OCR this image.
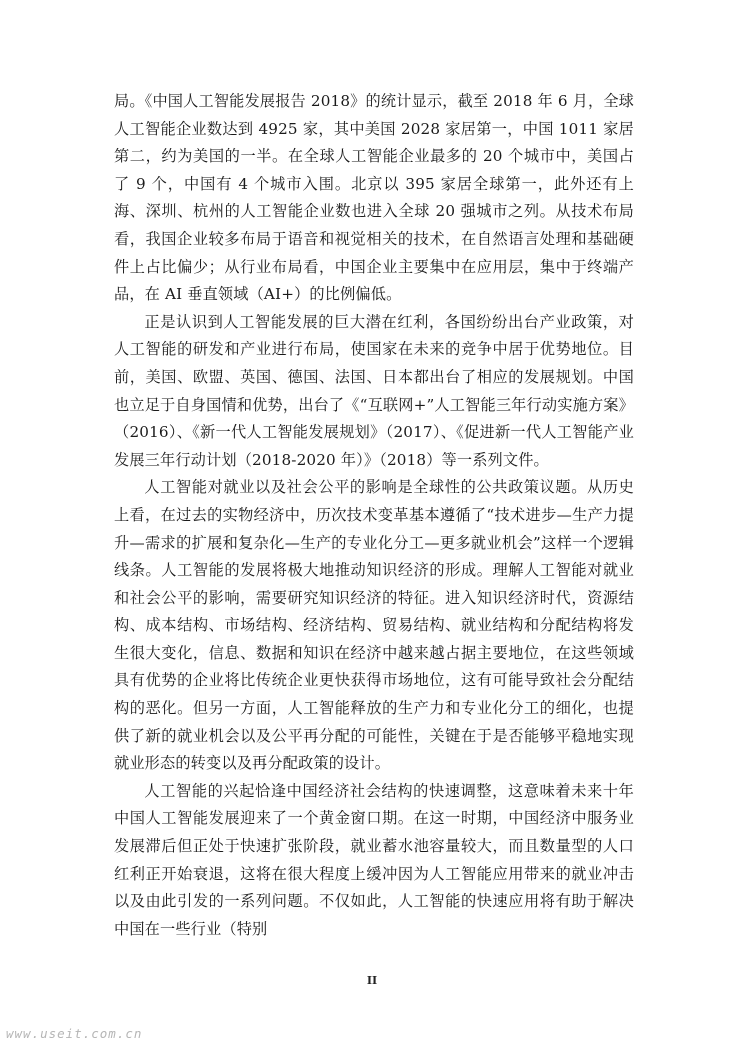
局。《中国人工智能发展报告 2018》的统计显示，截至 2018 年 6 月，全球人工智能企业数达到 4925 家，其中美国 2028 家居第一，中国 1011 家居第二，约为美国的一半。在全球人工智能企业最多的 20 个城市中，美国占了 9 个，中国有 4 个城市入围。北京以 395 家居全球第一，此外还有上海、深圳、杭州的人工智能企业数也进入全球 20 强城市之列。从技术布局看，我国企业较多布局于语音和视觉相关的技术，在自然语言处理和基础硬件上占比偏少；从行业布局看，中国企业主要集中在应用层，集中于终端产品，在 AI 垂直领域（AI+）的比例偏低。

正是认识到人工智能发展的巨大潜在红利，各国纷纷出台产业政策，对人工智能的研发和产业进行布局，使国家在未来的竞争中居于优势地位。目前，美国、欧盟、英国、德国、法国、日本都出台了相应的发展规划。中国也立足于自身国情和优势，出台了《“互联网+”人工智能三年行动实施方案》（2016）、《新一代人工智能发展规划》（2017）、《促进新一代人工智能产业发展三年行动计划（2018-2020 年）》（2018）等一系列文件。

人工智能对就业以及社会公平的影响是全球性的公共政策议题。从历史上看，在过去的实物经济中，历次技术变革基本遵循了“技术进步—生产力提升—需求的扩展和复杂化—生产的专业化分工—更多就业机会”这样一个逻辑线条。人工智能的发展将极大地推动知识经济的形成。理解人工智能对就业和社会公平的影响，需要研究知识经济的特征。进入知识经济时代，资源结构、成本结构、市场结构、经济结构、贸易结构、就业结构和分配结构将发生很大变化，信息、数据和知识在经济中越来越占据主要地位，在这些领域具有优势的企业将比传统企业更快获得市场地位，这有可能导致社会分配结构的恶化。但另一方面，人工智能释放的生产力和专业化分工的细化，也提供了新的就业机会以及公平再分配的可能性，关键在于是否能够平稳地实现就业形态的转变以及再分配政策的设计。

人工智能的兴起恰逢中国经济社会结构的快速调整，这意味着未来十年中国人工智能发展迎来了一个黄金窗口期。在这一时期，中国经济中服务业发展滞后但正处于快速扩张阶段，就业蓄水池容量较大，而且数量型的人口红利正开始衰退，这将在很大程度上缓冲因为人工智能应用带来的就业冲击以及由此引发的一系列问题。不仅如此，人工智能的快速应用将有助于解决中国在一些行业（特别

II
www.useit.com.cn
